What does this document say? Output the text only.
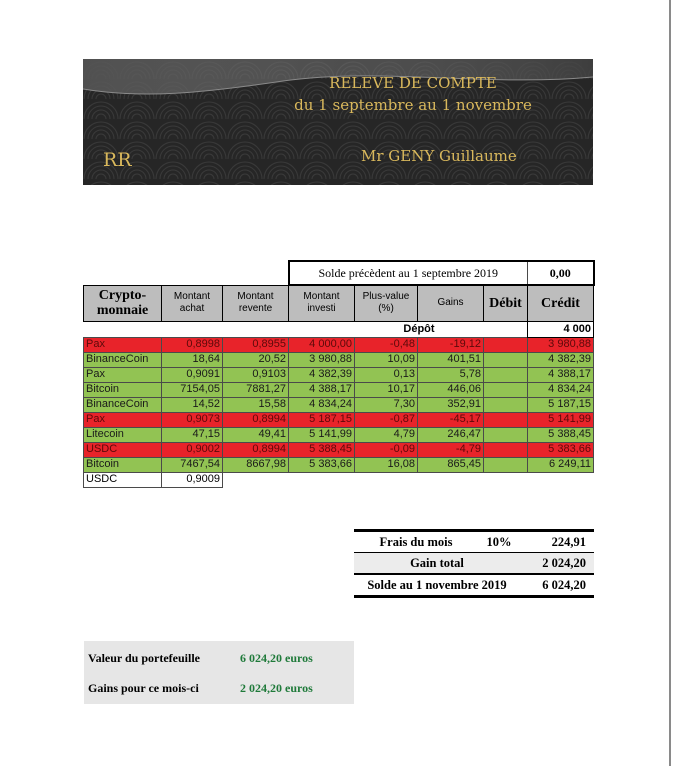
RELEVE DE COMPTE
du 1 septembre au 1 novembre
RR	Mr GENY Guillaume
			Solde précèdent au 1 septembre 2019				0,00
Crypto-monnaie	Montant achat	Montant revente	Montant investi	Plus-value (%)	Gains	Débit	Crédit
				Dépôt			4 000
Pax	0,8998	0,8955	4 000,00	-0,48	-19,12		3 980,88
BinanceCoin	18,64	20,52	3 980,88	10,09	401,51		4 382,39
Pax	0,9091	0,9103	4 382,39	0,13	5,78		4 388,17
Bitcoin	7154,05	7881,27	4 388,17	10,17	446,06		4 834,24
BinanceCoin	14,52	15,58	4 834,24	7,30	352,91		5 187,15
Pax	0,9073	0,8994	5 187,15	-0,87	-45,17		5 141,99
Litecoin	47,15	49,41	5 141,99	4,79	246,47		5 388,45
USDC	0,9002	0,8994	5 388,45	-0,09	-4,79		5 383,66
Bitcoin	7467,54	8667,98	5 383,66	16,08	865,45		6 249,11
USDC	0,9009						
Frais du mois	10%	224,91
Gain total	2 024,20
Solde au 1 novembre 2019	6 024,20
Valeur du portefeuille	6 024,20 euros
Gains pour ce mois-ci	2 024,20 euros
